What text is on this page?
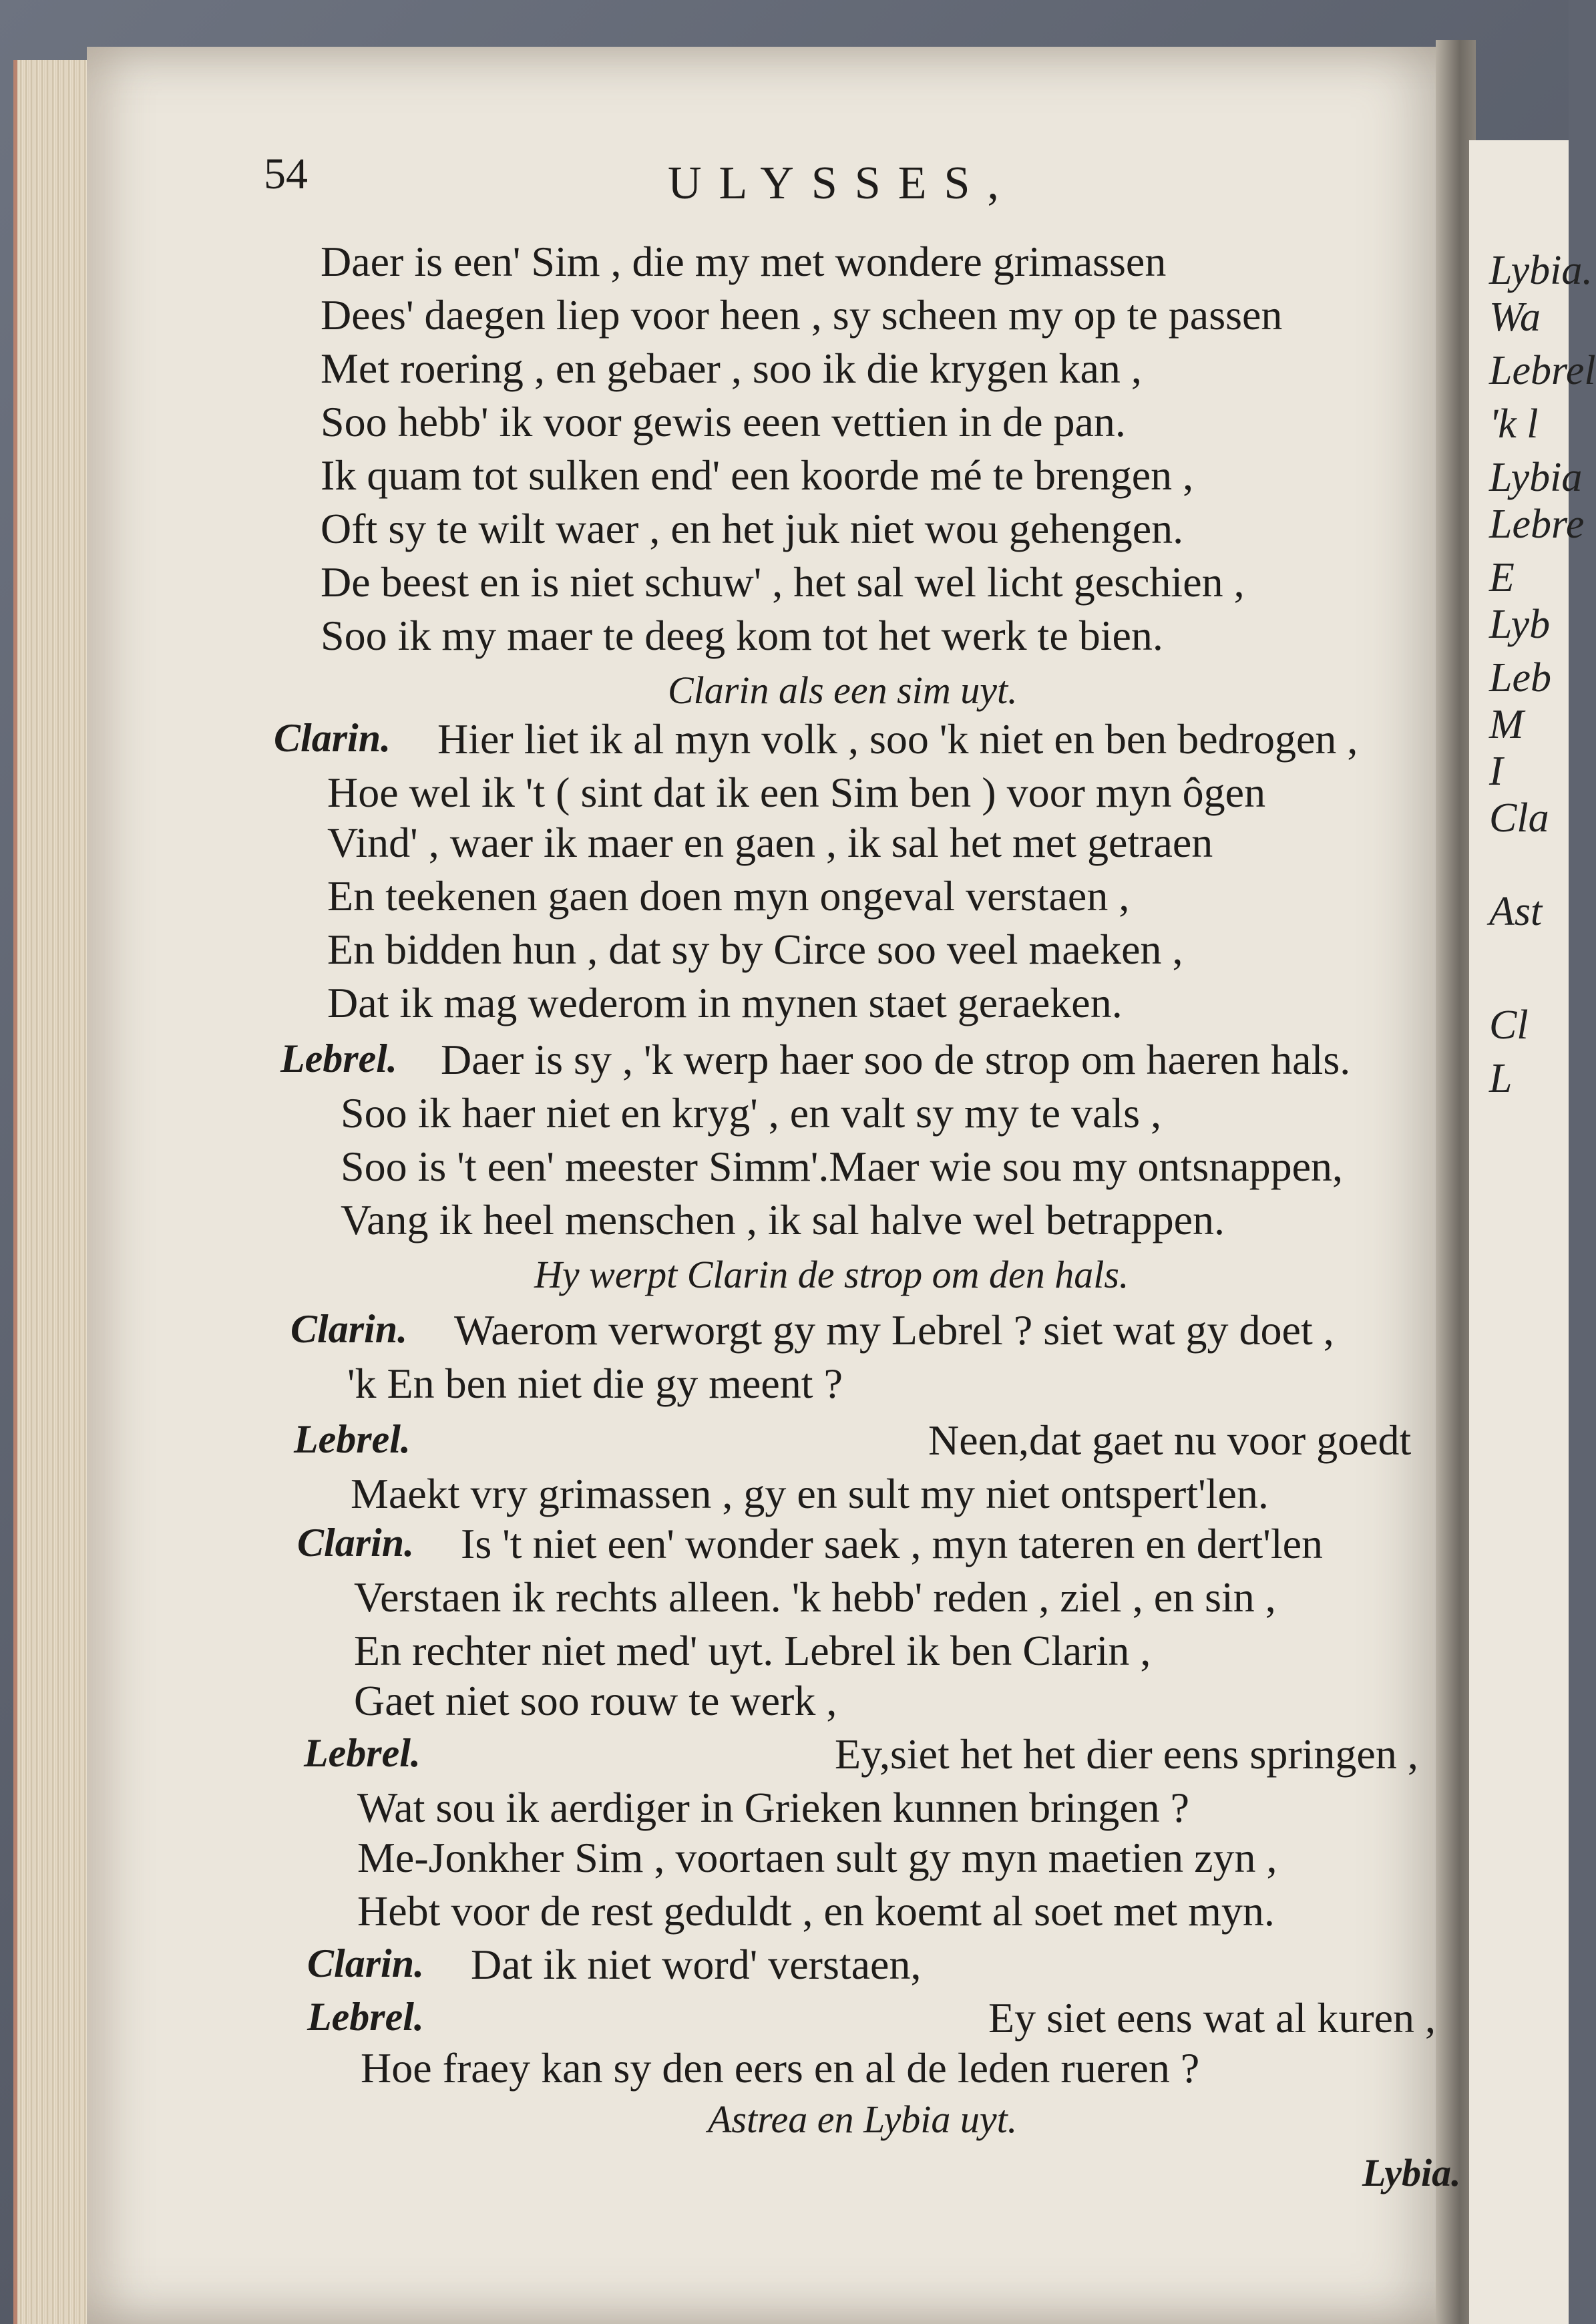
Lybia.
Wa
Lebrel
'k l
Lybia
Lebre
E
Lyb
Leb
M
I
Cla
Ast
Cl
L
54	ULYSSES,
Daer is een' Sim , die my met wondere grimassen
Dees' daegen liep voor heen , sy scheen my op te passen
Met roering , en gebaer , soo ik die krygen kan ,
Soo hebb' ik voor gewis eeen vettien in de pan.
Ik quam tot sulken end' een koorde mé te brengen ,
Oft sy te wilt waer , en het juk niet wou gehengen.
De beest en is niet schuw' , het sal wel licht geschien ,
Soo ik my maer te deeg kom tot het werk te bien.
Clarin als een sim uyt.
Clarin. Hier liet ik al myn volk , soo 'k niet en ben bedrogen ,
Hoe wel ik 't ( sint dat ik een Sim ben ) voor myn ôgen
Vind' , waer ik maer en gaen , ik sal het met getraen
En teekenen gaen doen myn ongeval verstaen ,
En bidden hun , dat sy by Circe soo veel maeken ,
Dat ik mag wederom in mynen staet geraeken.
Lebrel. Daer is sy , 'k werp haer soo de strop om haeren hals.
Soo ik haer niet en kryg' , en valt sy my te vals ,
Soo is 't een' meester Simm'.Maer wie sou my ontsnappen,
Vang ik heel menschen , ik sal halve wel betrappen.
Hy werpt Clarin de strop om den hals.
Clarin. Waerom verworgt gy my Lebrel ? siet wat gy doet ,
'k En ben niet die gy meent ?
Lebrel.	Neen,dat gaet nu voor goedt
Maekt vry grimassen , gy en sult my niet ontspert'len.
Clarin. Is 't niet een' wonder saek , myn tateren en dert'len
Verstaen ik rechts alleen. 'k hebb' reden , ziel , en sin ,
En rechter niet med' uyt. Lebrel ik ben Clarin ,
Gaet niet soo rouw te werk ,
Lebrel.	Ey,siet het het dier eens springen ,
Wat sou ik aerdiger in Grieken kunnen bringen ?
Me-Jonkher Sim , voortaen sult gy myn maetien zyn ,
Hebt voor de rest geduldt , en koemt al soet met myn.
Clarin. Dat ik niet word' verstaen,
Lebrel.	Ey siet eens wat al kuren ,
Hoe fraey kan sy den eers en al de leden rueren ?
Astrea en Lybia uyt.
Lybia.
